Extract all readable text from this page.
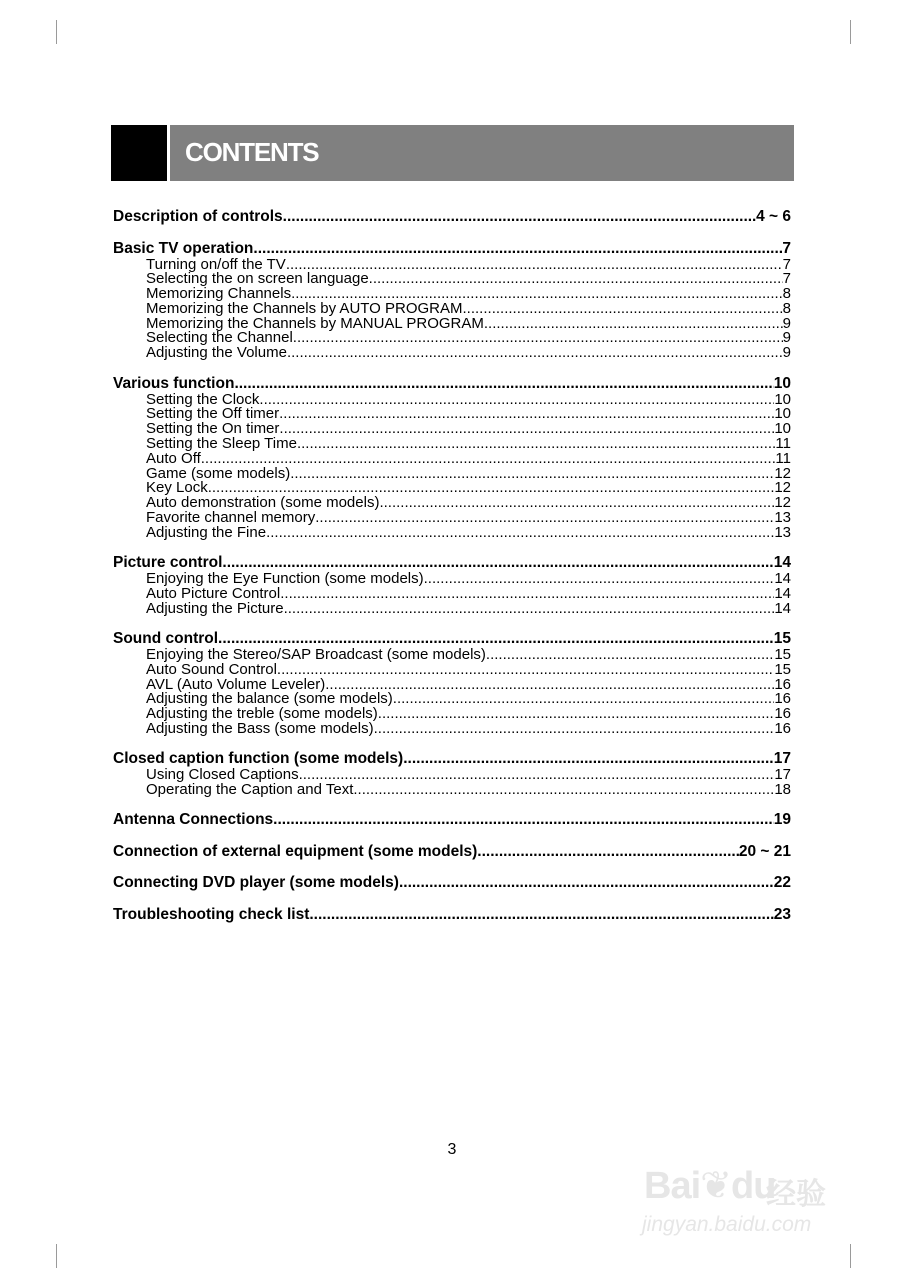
CONTENTS
Description of controls .....	4 ~ 6
Basic TV operation .....	7
Turning on/off the TV .....	7
Selecting the on screen language .....	7
Memorizing Channels .....	8
Memorizing the Channels by AUTO PROGRAM .....	8
Memorizing the Channels by MANUAL PROGRAM .....	9
Selecting the Channel .....	9
Adjusting the Volume .....	9
Various function .....	10
Setting the Clock .....	10
Setting the Off timer .....	10
Setting the On timer .....	10
Setting the Sleep Time .....	11
Auto Off .....	11
Game (some models) .....	12
Key Lock .....	12
Auto demonstration (some models) .....	12
Favorite channel memory .....	13
Adjusting the Fine .....	13
Picture control .....	14
Enjoying the Eye Function (some models) .....	14
Auto Picture Control .....	14
Adjusting the Picture .....	14
Sound control .....	15
Enjoying the Stereo/SAP Broadcast (some models) .....	15
Auto Sound Control .....	15
AVL (Auto Volume Leveler) .....	16
Adjusting the balance (some models) .....	16
Adjusting the treble (some models) .....	16
Adjusting the Bass (some models) .....	16
Closed caption function (some models) .....	17
Using Closed Captions .....	17
Operating the Caption and Text .....	18
Antenna Connections .....	19
Connection of external equipment (some models) .....	20 ~ 21
Connecting DVD player (some models) .....	22
Troubleshooting check list .....	23
3
Bai❦du
经验
jingyan.baidu.com
